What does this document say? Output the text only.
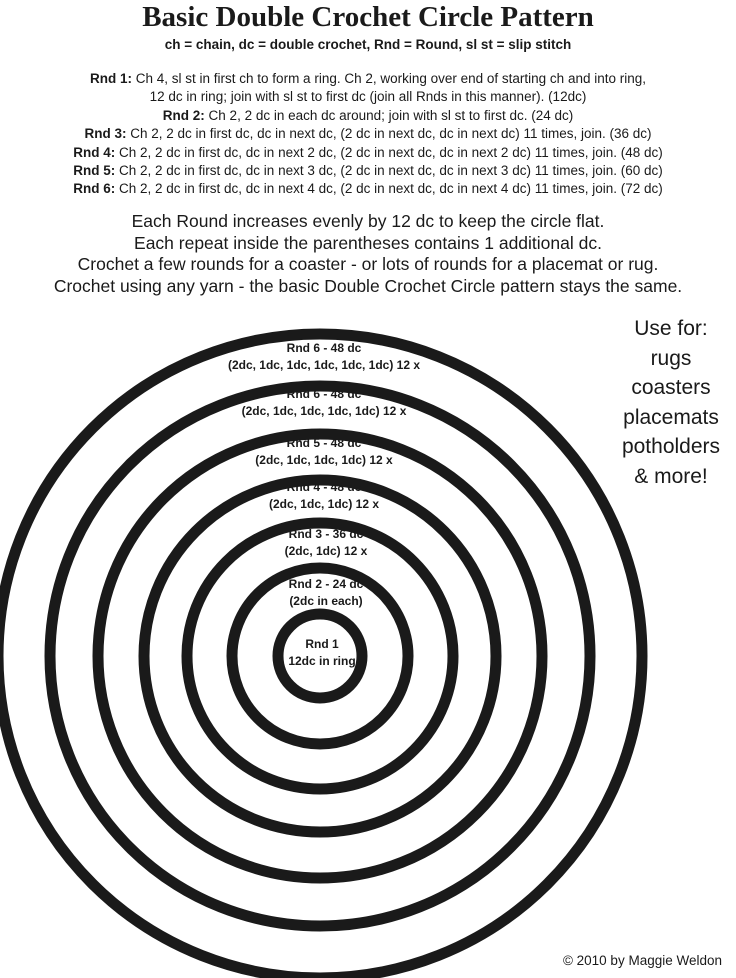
Basic Double Crochet Circle Pattern
ch = chain, dc = double crochet, Rnd = Round, sl st = slip stitch
Rnd 1: Ch 4, sl st in first ch to form a ring. Ch 2, working over end of starting ch and into ring,
12 dc in ring; join with sl st to first dc (join all Rnds in this manner). (12dc)
Rnd 2: Ch 2, 2 dc in each dc around; join with sl st to first dc. (24 dc)
Rnd 3: Ch 2, 2 dc in first dc, dc in next dc, (2 dc in next dc, dc in next dc) 11 times, join. (36 dc)
Rnd 4: Ch 2, 2 dc in first dc, dc in next 2 dc, (2 dc in next dc, dc in next 2 dc) 11 times, join. (48 dc)
Rnd 5: Ch 2, 2 dc in first dc, dc in next 3 dc, (2 dc in next dc, dc in next 3 dc) 11 times, join. (60 dc)
Rnd 6: Ch 2, 2 dc in first dc, dc in next 4 dc, (2 dc in next dc, dc in next 4 dc) 11 times, join. (72 dc)
Each Round increases evenly by 12 dc to keep the circle flat.
Each repeat inside the parentheses contains 1 additional dc.
Crochet a few rounds for a coaster - or lots of rounds for a placemat or rug.
Crochet using any yarn - the basic Double Crochet Circle pattern stays the same.
Rnd 6 - 48 dc
(2dc, 1dc, 1dc, 1dc, 1dc, 1dc) 12 x
Rnd 6 - 48 dc
(2dc, 1dc, 1dc, 1dc, 1dc) 12 x
Rnd 5 - 48 dc
(2dc, 1dc, 1dc, 1dc) 12 x
Rnd 4 - 48 dc
(2dc, 1dc, 1dc) 12 x
Rnd 3 - 36 dc
(2dc, 1dc) 12 x
Rnd 2 - 24 dc
(2dc in each)
Rnd 1
12dc in ring
Use for:
rugs
coasters
placemats
potholders
& more!
© 2010 by Maggie Weldon
